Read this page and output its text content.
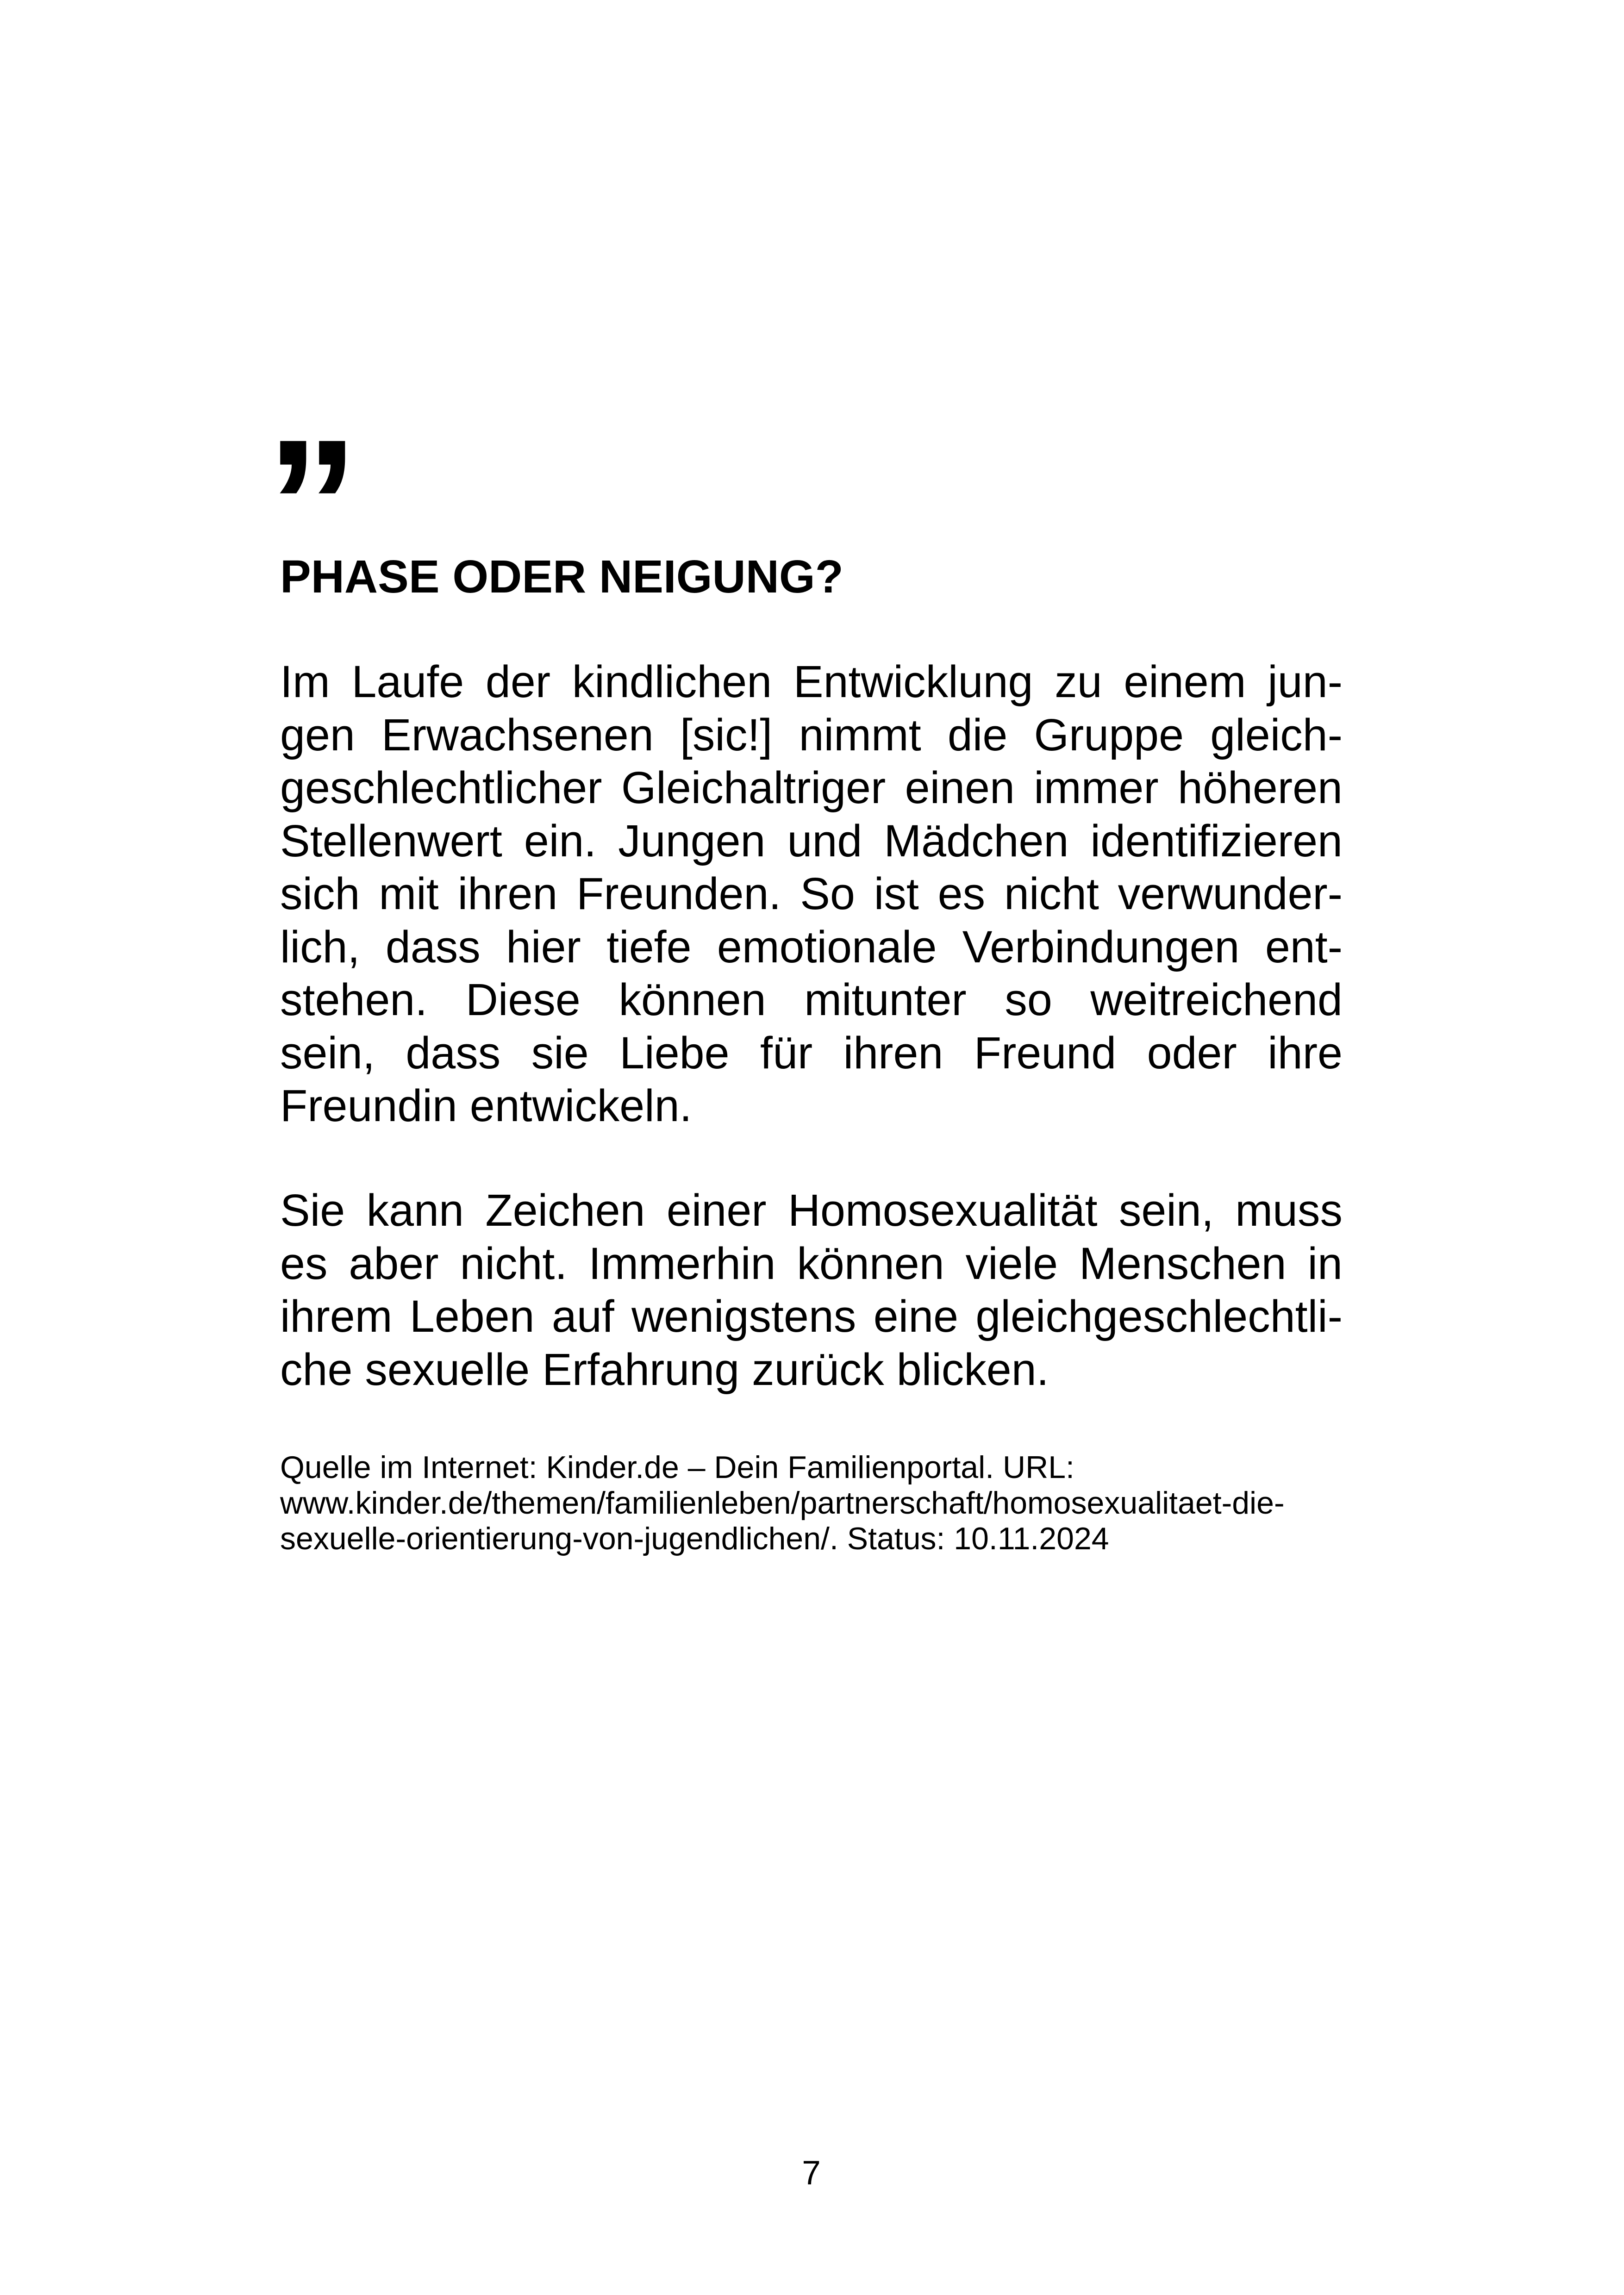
”
PHASE ODER NEIGUNG?
Im Laufe der kindlichen Entwicklung zu einem jun-
gen Erwachsenen [sic!] nimmt die Gruppe gleich-
geschlechtlicher Gleichaltriger einen immer höheren
Stellenwert ein. Jungen und Mädchen identifizieren
sich mit ihren Freunden. So ist es nicht verwunder-
lich, dass hier tiefe emotionale Verbindungen ent-
stehen. Diese können mitunter so weitreichend
sein, dass sie Liebe für ihren Freund oder ihre
Freundin entwickeln.
Sie kann Zeichen einer Homosexualität sein, muss
es aber nicht. Immerhin können viele Menschen in
ihrem Leben auf wenigstens eine gleichgeschlechtli-
che sexuelle Erfahrung zurück blicken.
Quelle im Internet: Kinder.de – Dein Familienportal. URL:
www.kinder.de/themen/familienleben/partnerschaft/homosexualitaet-die-
sexuelle-orientierung-von-jugendlichen/. Status: 10.11.2024
7
